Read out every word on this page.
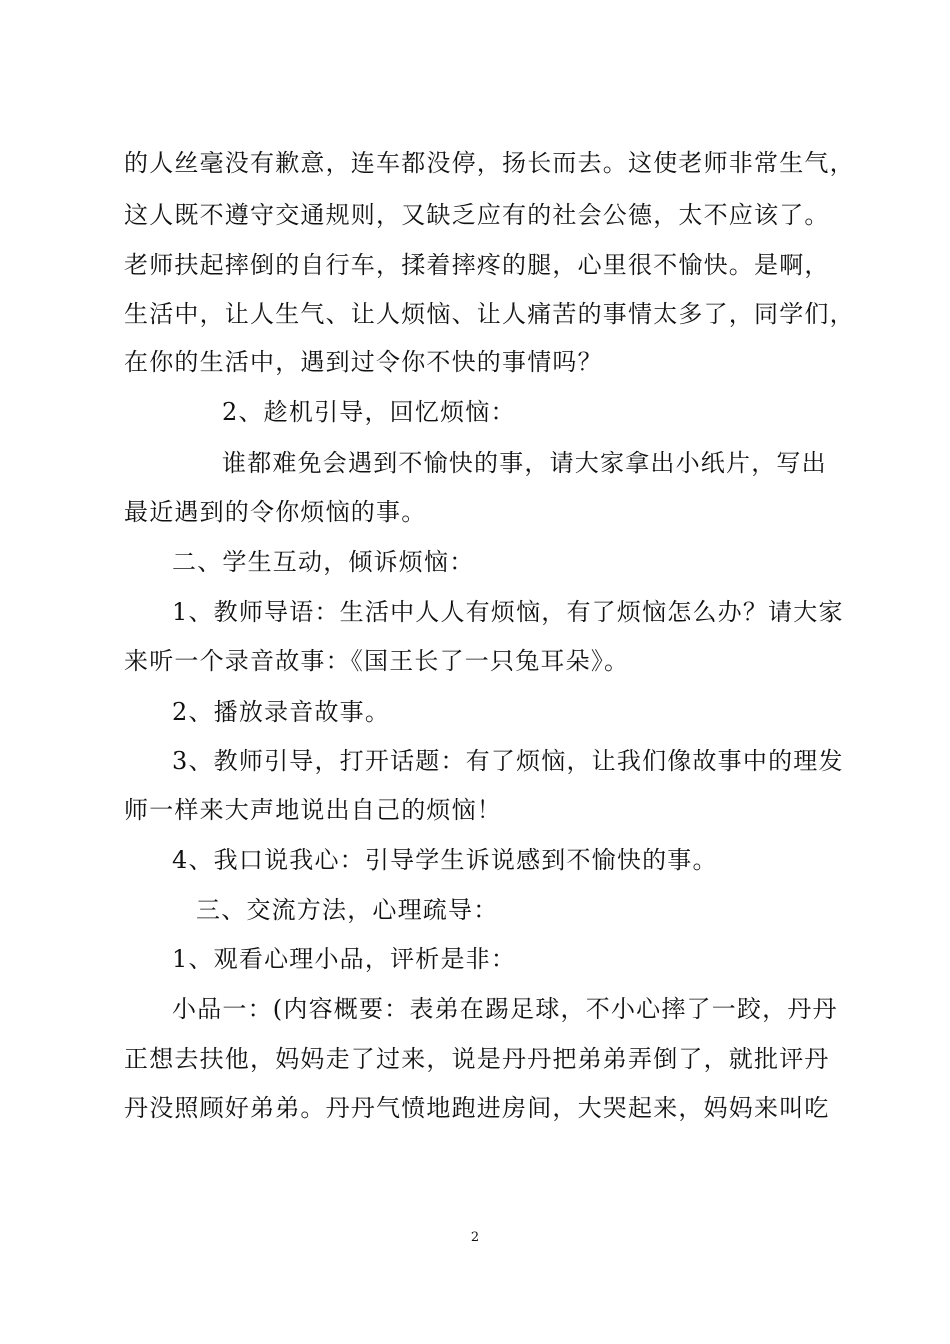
的人丝毫没有歉意，连车都没停，扬长而去。这使老师非常生气，
这人既不遵守交通规则，又缺乏应有的社会公德，太不应该了。
老师扶起摔倒的自行车，揉着摔疼的腿，心里很不愉快。是啊，
生活中，让人生气、让人烦恼、让人痛苦的事情太多了，同学们，
在你的生活中，遇到过令你不快的事情吗？
2、趁机引导，回忆烦恼：
谁都难免会遇到不愉快的事，请大家拿出小纸片，写出
最近遇到的令你烦恼的事。
二、学生互动，倾诉烦恼：
1、教师导语：生活中人人有烦恼，有了烦恼怎么办？请大家
来听一个录音故事：《国王长了一只兔耳朵》。
2、播放录音故事。
3、教师引导，打开话题：有了烦恼，让我们像故事中的理发
师一样来大声地说出自己的烦恼！
4、我口说我心：引导学生诉说感到不愉快的事。
三、交流方法，心理疏导：
1、观看心理小品，评析是非：
小品一：(内容概要：表弟在踢足球，不小心摔了一跤，丹丹
正想去扶他，妈妈走了过来，说是丹丹把弟弟弄倒了，就批评丹
丹没照顾好弟弟。丹丹气愤地跑进房间，大哭起来，妈妈来叫吃
2
